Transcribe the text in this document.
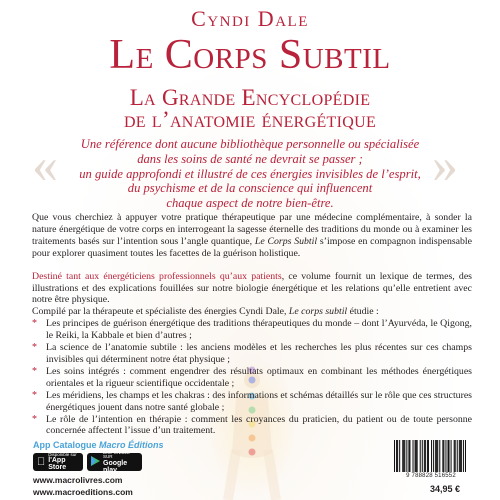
Cyndi Dale
Le Corps Subtil
La Grande Encyclopédie
de l’anatomie énergétique
«	»
Une référence dont aucune bibliothèque personnelle ou spécialisée
dans les soins de santé ne devrait se passer ;
un guide approfondi et illustré de ces énergies invisibles de l’esprit,
du psychisme et de la conscience qui influencent
chaque aspect de notre bien-être.

Que vous cherchiez à appuyer votre pratique thérapeutique par une médecine complémentaire, à sonder la nature énergétique de votre corps en interrogeant la sagesse éternelle des traditions du monde ou à examiner les traitements basés sur l’intention sous l’angle quantique, Le Corps Subtil s’impose en compagnon indispensable pour explorer quasiment toutes les facettes de la guérison holistique.

Destiné tant aux énergéticiens professionnels qu’aux patients, ce volume fournit un lexique de termes, des illustrations et des explications fouillées sur notre biologie énergétique et les relations qu’elle entretient avec notre être physique.

Compilé par la thérapeute et spécialiste des énergies Cyndi Dale, Le corps subtil étudie :

* Les principes de guérison énergétique des traditions thérapeutiques du monde – dont l’Ayurvéda, le Qigong, le Reiki, la Kabbale et bien d’autres ;
* La science de l’anatomie subtile : les anciens modèles et les recherches les plus récentes sur ces champs invisibles qui déterminent notre état physique ;
* Les soins intégrés : comment engendrer des résultats optimaux en combinant les méthodes énergétiques orientales et la rigueur scientifique occidentale ;
* Les méridiens, les champs et les chakras : des informations et schémas détaillés sur le rôle que ces structures énergétiques jouent dans notre santé globale ;
* Le rôle de l’intention en thérapie : comment les croyances du praticien, du patient ou de toute personne concernée affectent l’issue d’un traitement.
App Catalogue Macro Éditions
Disponible sur
l'App Store
DISPONIBLE SUR
Google play
www.macrolivres.com
www.macroeditions.com
9 788828 516552
34,95 €
